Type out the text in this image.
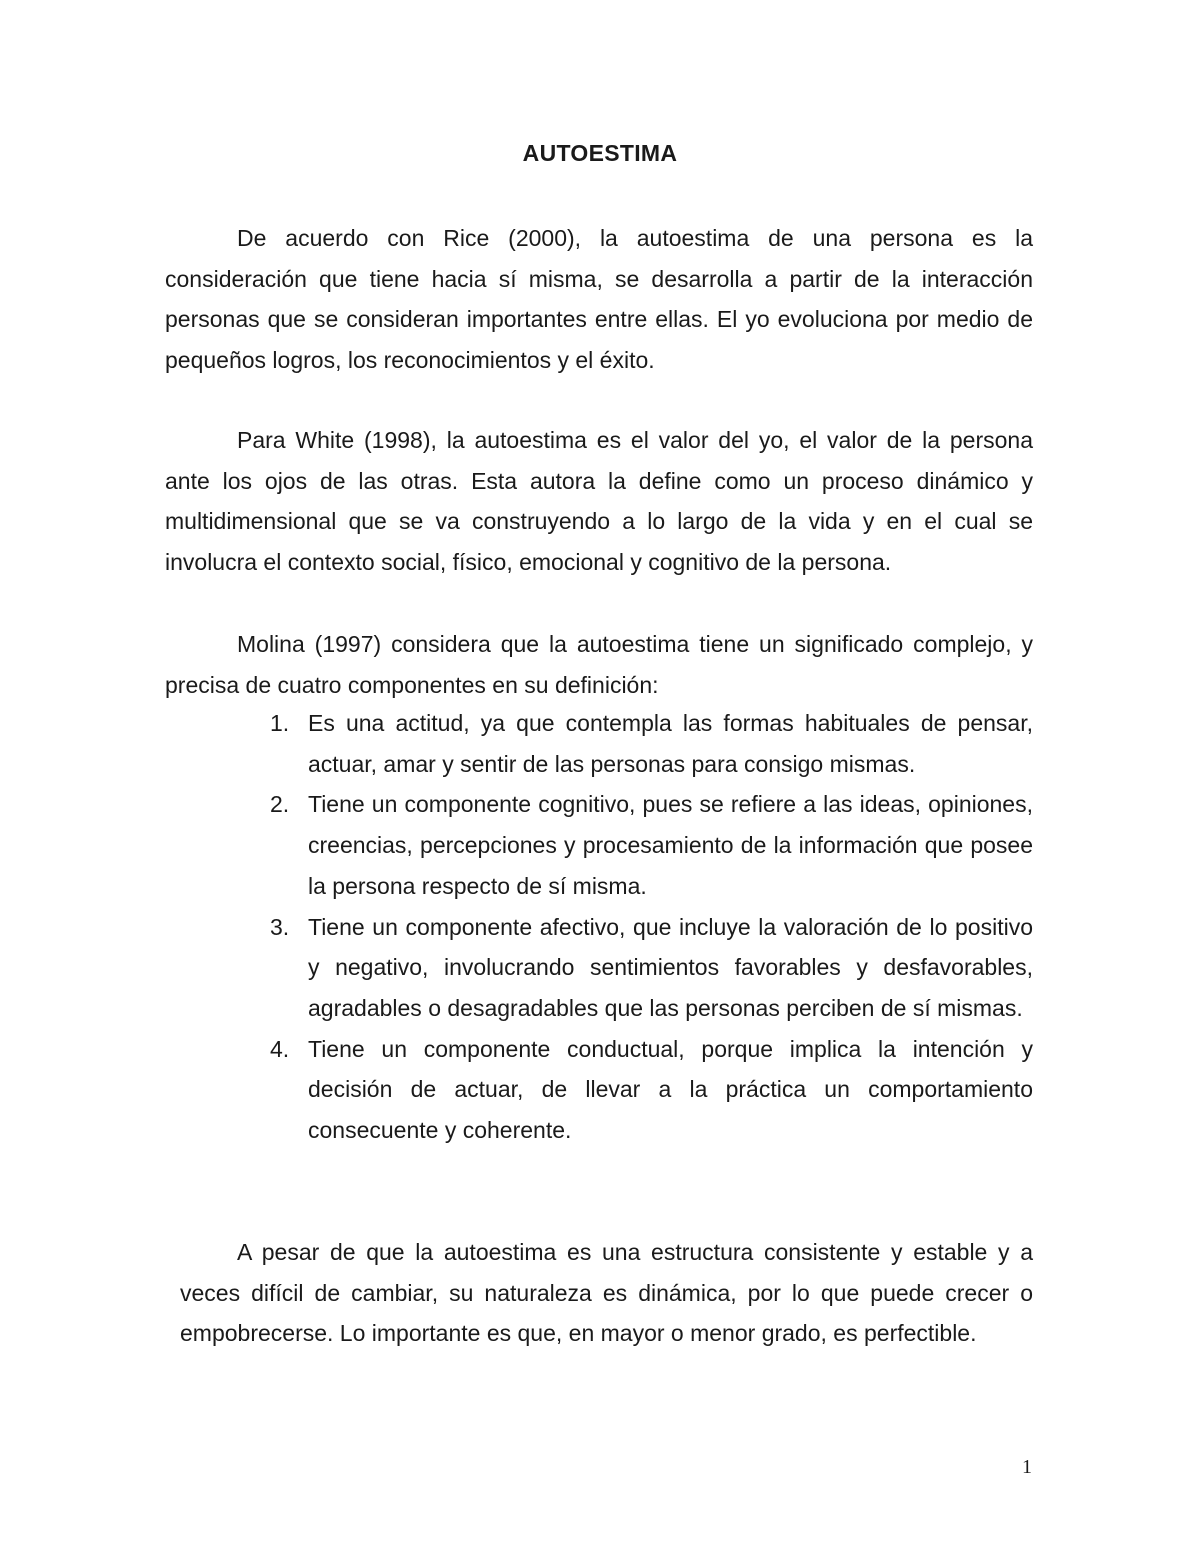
AUTOESTIMA

De acuerdo con Rice (2000), la autoestima de una persona es la consideración que tiene hacia sí misma, se desarrolla a partir de la interacción personas que se consideran importantes entre ellas. El yo evoluciona por medio de pequeños logros, los reconocimientos y el éxito.

Para White (1998), la autoestima es el valor del yo, el valor de la persona ante los ojos de las otras. Esta autora la define como un proceso dinámico y multidimensional que se va construyendo a lo largo de la vida y en el cual se involucra el contexto social, físico, emocional y cognitivo de la persona.

Molina (1997) considera que la autoestima tiene un significado complejo, y precisa de cuatro componentes en su definición:

1. Es una actitud, ya que contempla las formas habituales de pensar, actuar, amar y sentir de las personas para consigo mismas.
2. Tiene un componente cognitivo, pues se refiere a las ideas, opiniones, creencias, percepciones y procesamiento de la información que posee la persona respecto de sí misma.
3. Tiene un componente afectivo, que incluye la valoración de lo positivo y negativo, involucrando sentimientos favorables y desfavorables, agradables o desagradables que las personas perciben de sí mismas.
4. Tiene un componente conductual, porque implica la intención y decisión de actuar, de llevar a la práctica un comportamiento consecuente y coherente.

A pesar de que la autoestima es una estructura consistente y estable y a veces difícil de cambiar, su naturaleza es dinámica, por lo que puede crecer o empobrecerse. Lo importante es que, en mayor o menor grado, es perfectible.

1
